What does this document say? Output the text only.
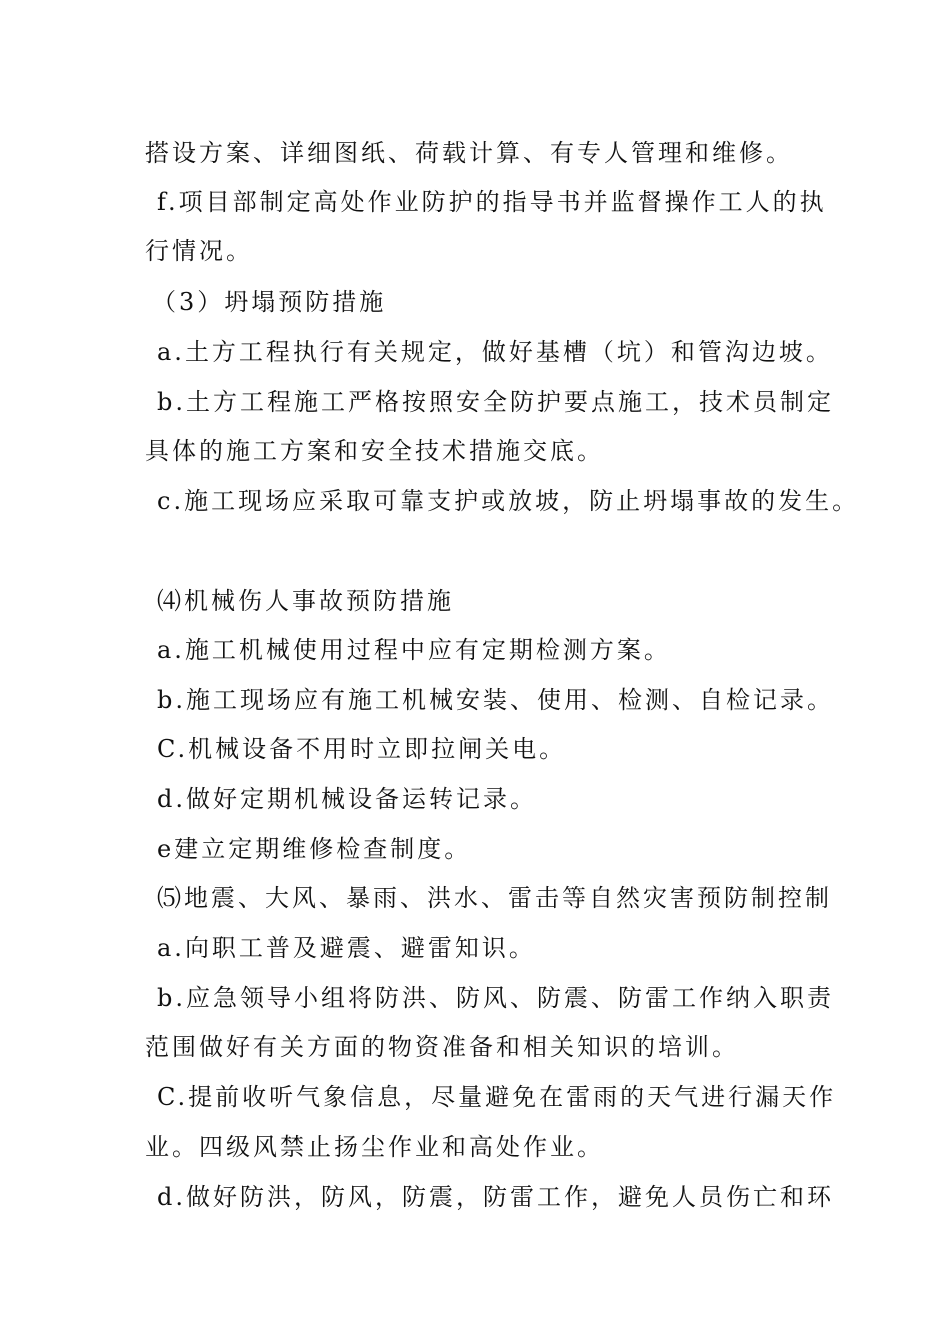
搭设方案、详细图纸、荷载计算、有专人管理和维修。
f.项目部制定高处作业防护的指导书并监督操作工人的执
行情况。
（3）坍塌预防措施
a.土方工程执行有关规定，做好基槽（坑）和管沟边坡。
b.土方工程施工严格按照安全防护要点施工，技术员制定
具体的施工方案和安全技术措施交底。
c.施工现场应采取可靠支护或放坡，防止坍塌事故的发生。
⑷机械伤人事故预防措施
a.施工机械使用过程中应有定期检测方案。
b.施工现场应有施工机械安装、使用、检测、自检记录。
C.机械设备不用时立即拉闸关电。
d.做好定期机械设备运转记录。
e建立定期维修检查制度。
⑸地震、大风、暴雨、洪水、雷击等自然灾害预防制控制
a.向职工普及避震、避雷知识。
b.应急领导小组将防洪、防风、防震、防雷工作纳入职责
范围做好有关方面的物资准备和相关知识的培训。
C.提前收听气象信息，尽量避免在雷雨的天气进行漏天作
业。四级风禁止扬尘作业和高处作业。
d.做好防洪，防风，防震，防雷工作，避免人员伤亡和环
